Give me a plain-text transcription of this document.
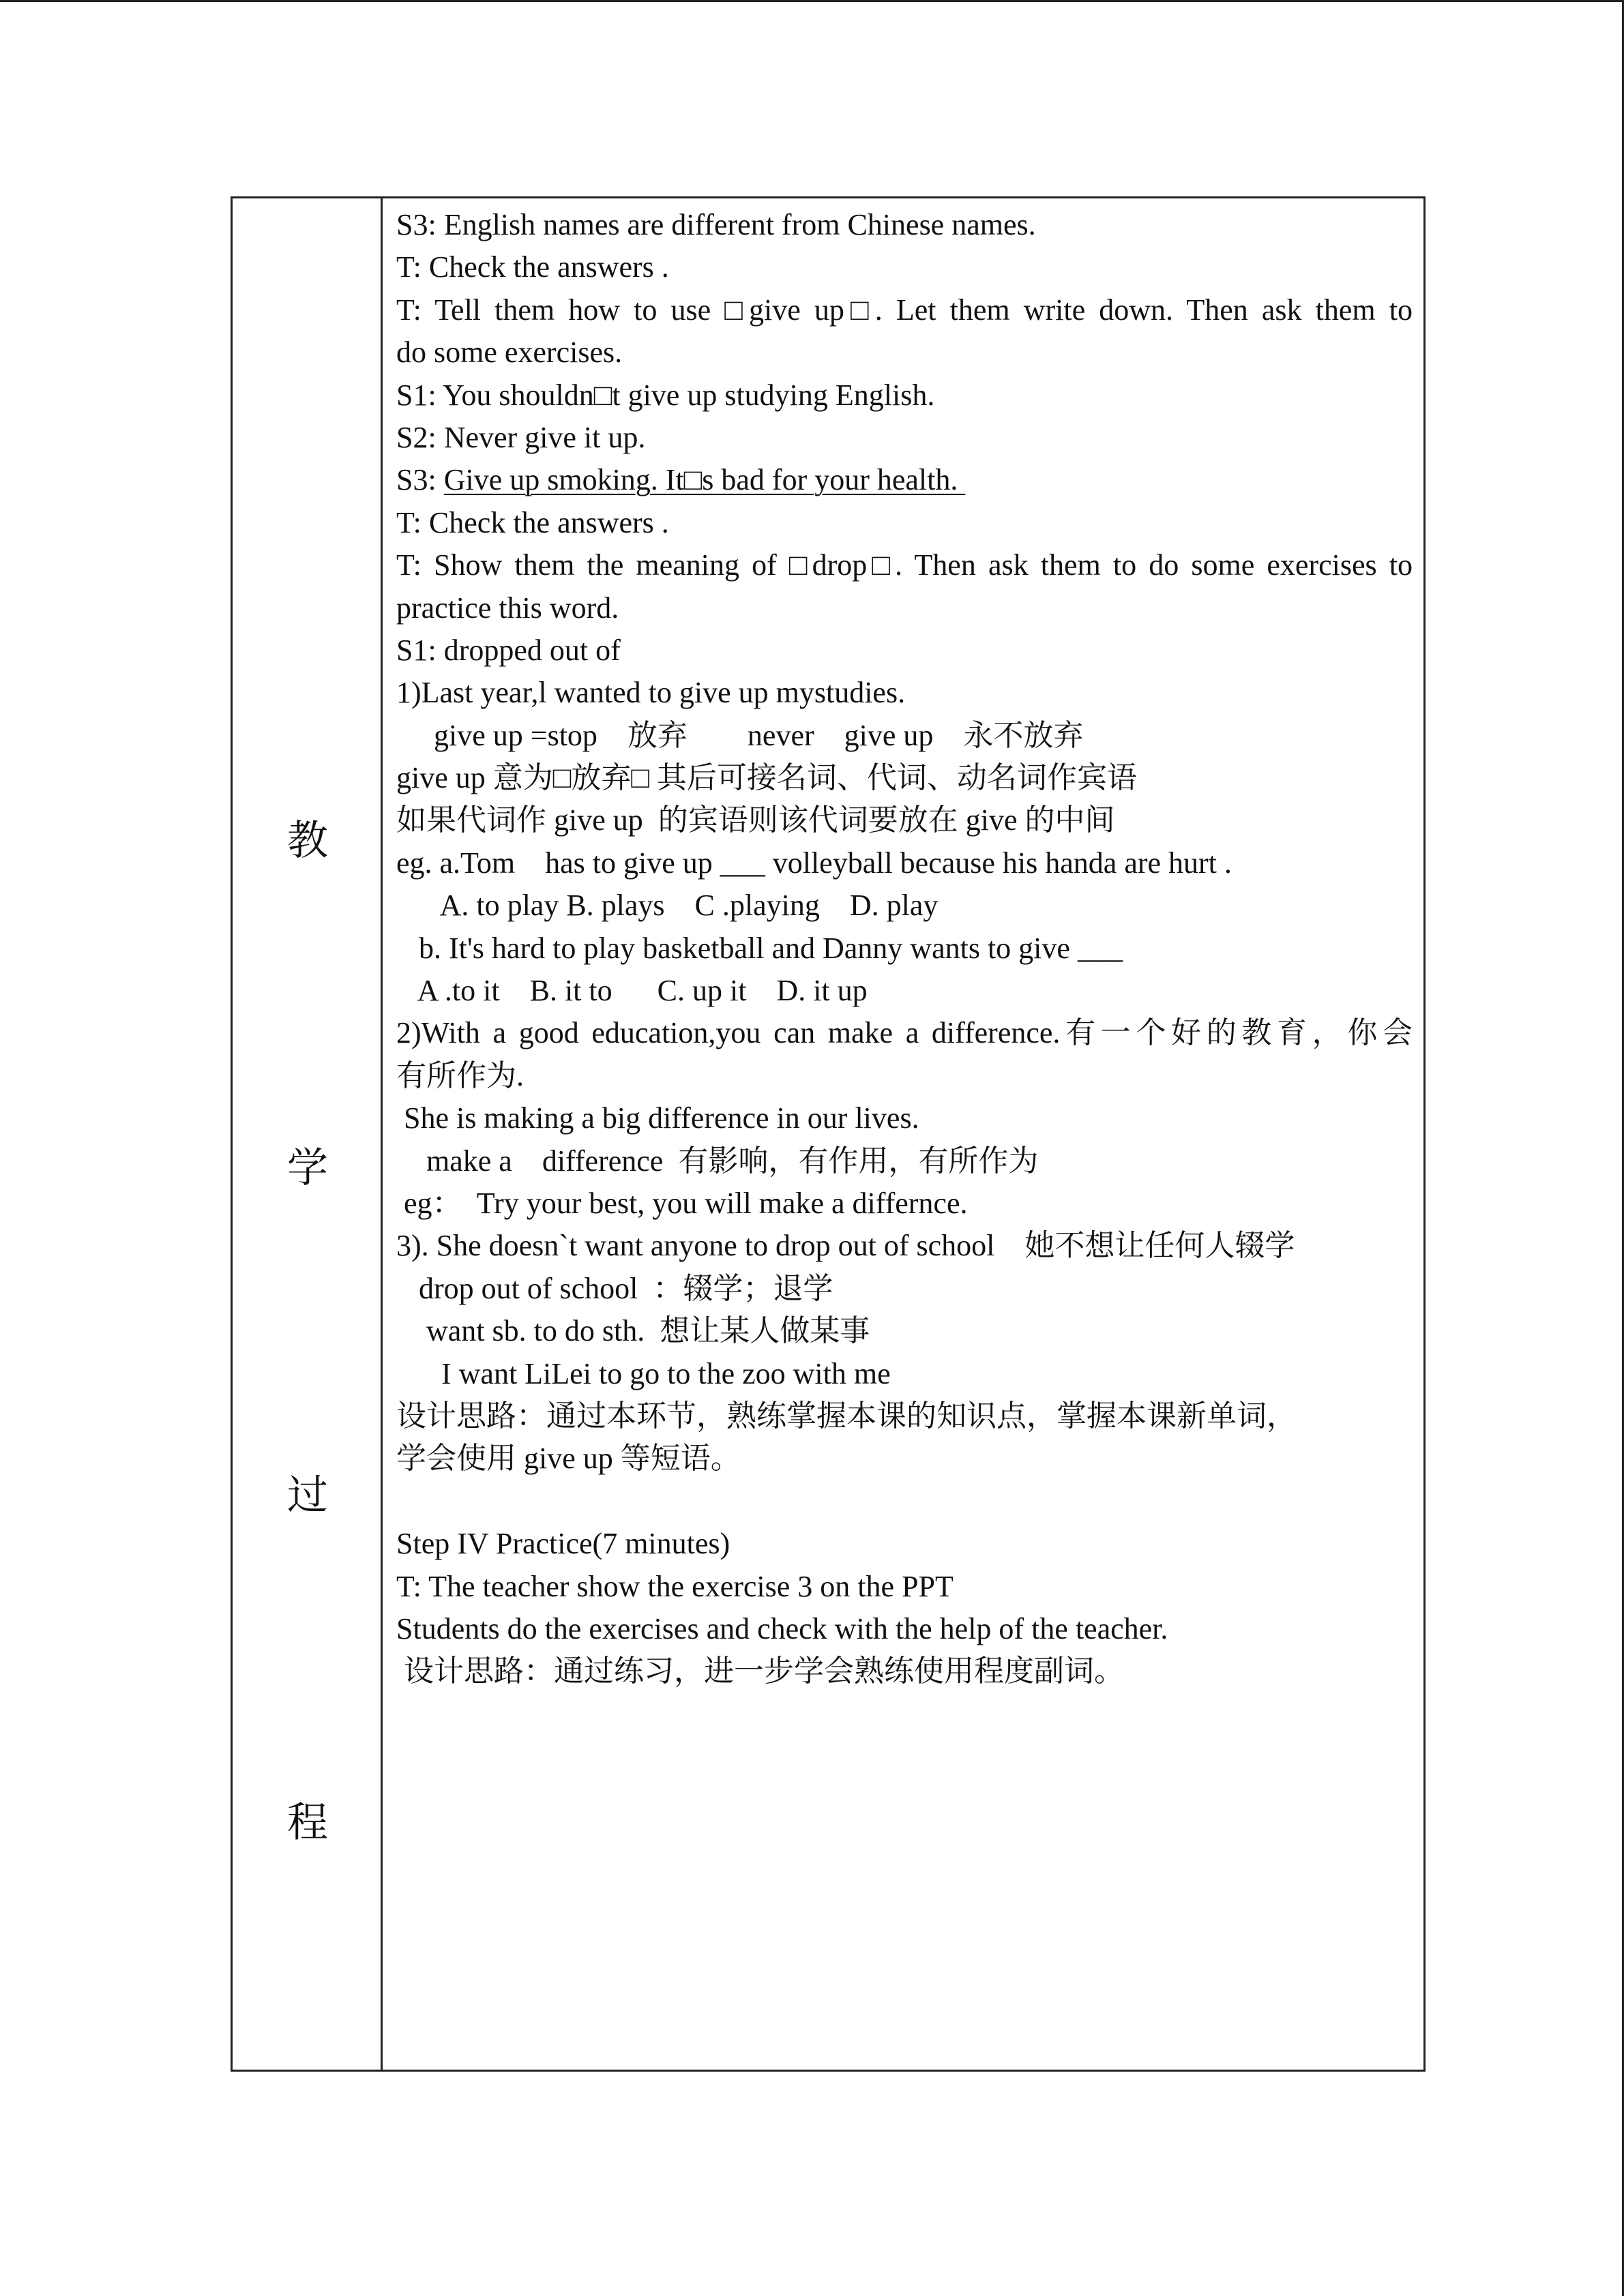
教
学
过
程
S3: English names are different from Chinese names.
T: Check the answers .
T: Tell them how to use □give up□. Let them write down. Then ask them to
do some exercises.
S1: You shouldn□t give up studying English.
S2: Never give it up.
S3: Give up smoking. It□s bad for your health.
T: Check the answers .
T: Show them the meaning of □drop□. Then ask them to do some exercises to
practice this word.
S1: dropped out of
1)Last year,l wanted to give up mystudies.
give up =stop    放弃        never    give up    永不放弃
give up 意为□放弃□ 其后可接名词、代词、动名词作宾语
如果代词作 give up  的宾语则该代词要放在 give 的中间
eg. a.Tom    has to give up ___ volleyball because his handa are hurt .
A. to play B. plays    C .playing    D. play
b. It's hard to play basketball and Danny wants to give ___
A .to it    B. it to      C. up it    D. it up
2)With a good education,you can make a difference.有一个好的教育，你会
有所作为.
She is making a big difference in our lives.
make a    difference  有影响，有作用，有所作为
eg：  Try your best, you will make a differnce.
3). She doesn`t want anyone to drop out of school    她不想让任何人辍学
drop out of school  ：辍学；退学
want sb. to do sth.  想让某人做某事
I want LiLei to go to the zoo with me
设计思路：通过本环节，熟练掌握本课的知识点，掌握本课新单词，
学会使用 give up 等短语。
Step IV Practice(7 minutes)
T: The teacher show the exercise 3 on the PPT
Students do the exercises and check with the help of the teacher.
设计思路：通过练习，进一步学会熟练使用程度副词。
